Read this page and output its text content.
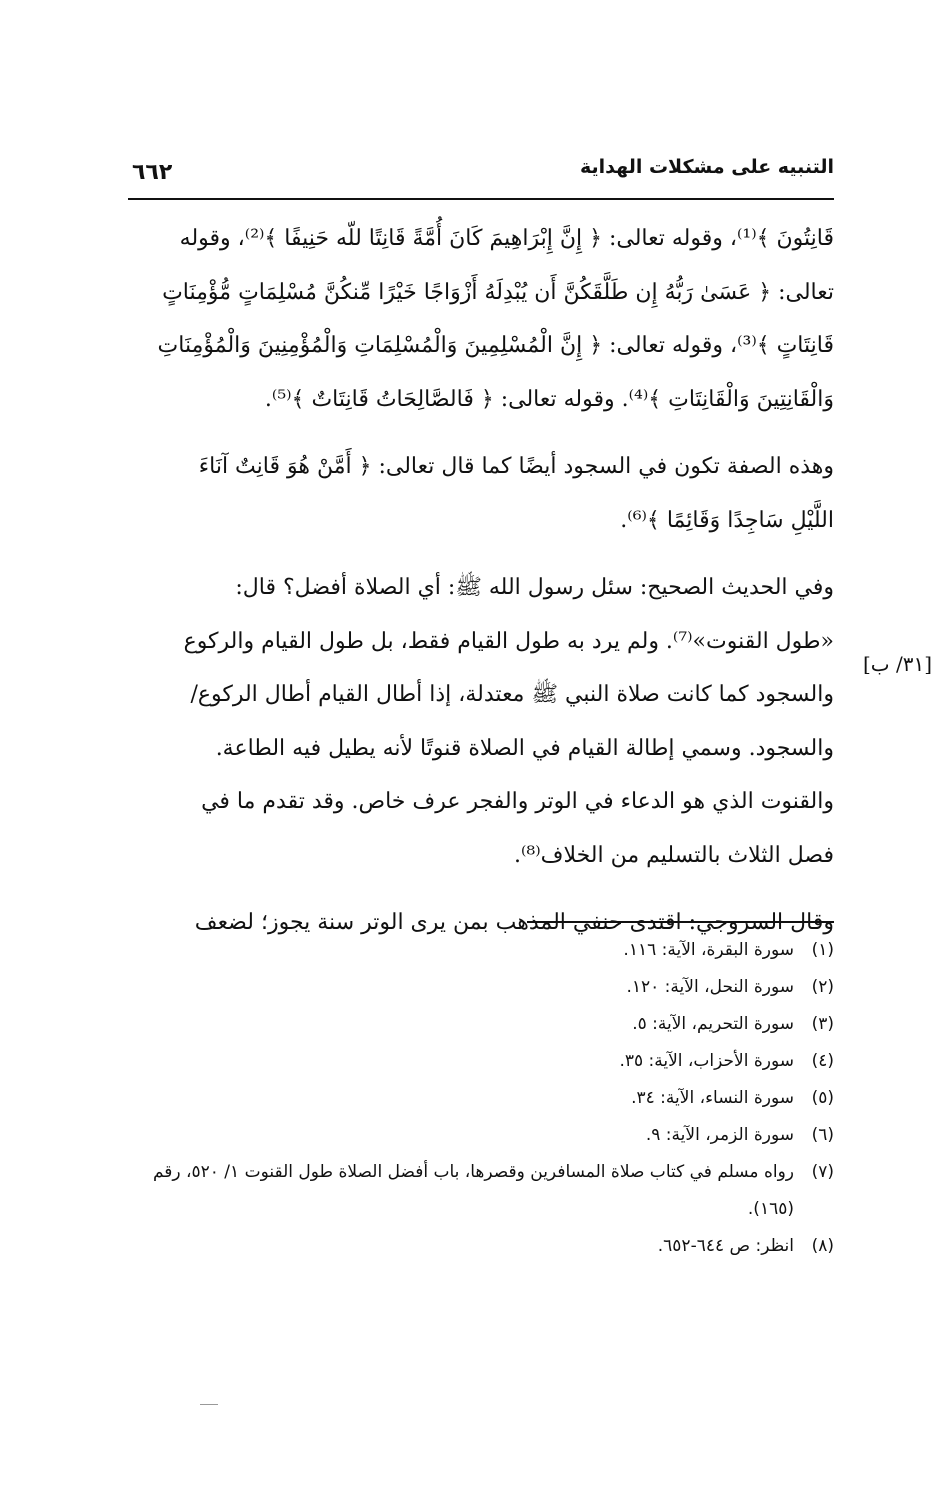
التنبيه على مشكلات الهداية
٦٦٢

قَانِتُونَ ﴾⁽¹⁾، وقوله تعالى: ﴿ إِنَّ إِبْرَاهِيمَ كَانَ أُمَّةً قَانِتًا للّه حَنِيفًا ﴾⁽²⁾، وقوله
تعالى: ﴿ عَسَىٰ رَبُّهُ إِن طَلَّقَكُنَّ أَن يُبْدِلَهُ أَزْوَاجًا خَيْرًا مِّنكُنَّ مُسْلِمَاتٍ مُّؤْمِنَاتٍ
قَانِتَاتٍ ﴾⁽³⁾، وقوله تعالى: ﴿ إِنَّ الْمُسْلِمِينَ وَالْمُسْلِمَاتِ وَالْمُؤْمِنِينَ وَالْمُؤْمِنَاتِ
وَالْقَانِتِينَ وَالْقَانِتَاتِ ﴾⁽⁴⁾. وقوله تعالى: ﴿ فَالصَّالِحَاتُ قَانِتَاتٌ ﴾⁽⁵⁾.

وهذه الصفة تكون في السجود أيضًا كما قال تعالى: ﴿ أَمَّنْ هُوَ قَانِتٌ آنَاءَ
اللَّيْلِ سَاجِدًا وَقَائِمًا ﴾⁽⁶⁾.

وفي الحديث الصحيح: سئل رسول الله ﷺ: أي الصلاة أفضل؟ قال:
«طول القنوت»⁽⁷⁾. ولم يرد به طول القيام فقط، بل طول القيام والركوع
والسجود كما كانت صلاة النبي ﷺ معتدلة، إذا أطال القيام أطال الركوع/
والسجود. وسمي إطالة القيام في الصلاة قنوتًا لأنه يطيل فيه الطاعة.
والقنوت الذي هو الدعاء في الوتر والفجر عرف خاص. وقد تقدم ما في
فصل الثلاث بالتسليم من الخلاف⁽⁸⁾.

وقال السروجي: اقتدى حنفي المذهب بمن يرى الوتر سنة يجوز؛ لضعف

[٣١/ ب]
(١)
سورة البقرة، الآية: ١١٦.
(٢)
سورة النحل، الآية: ١٢٠.
(٣)
سورة التحريم، الآية: ٥.
(٤)
سورة الأحزاب، الآية: ٣٥.
(٥)
سورة النساء، الآية: ٣٤.
(٦)
سورة الزمر، الآية: ٩.
(٧)
رواه مسلم في كتاب صلاة المسافرين وقصرها، باب أفضل الصلاة طول القنوت ١/ ٥٢٠، رقم (١٦٥).
(٨)
انظر: ص ٦٤٤-٦٥٢.
